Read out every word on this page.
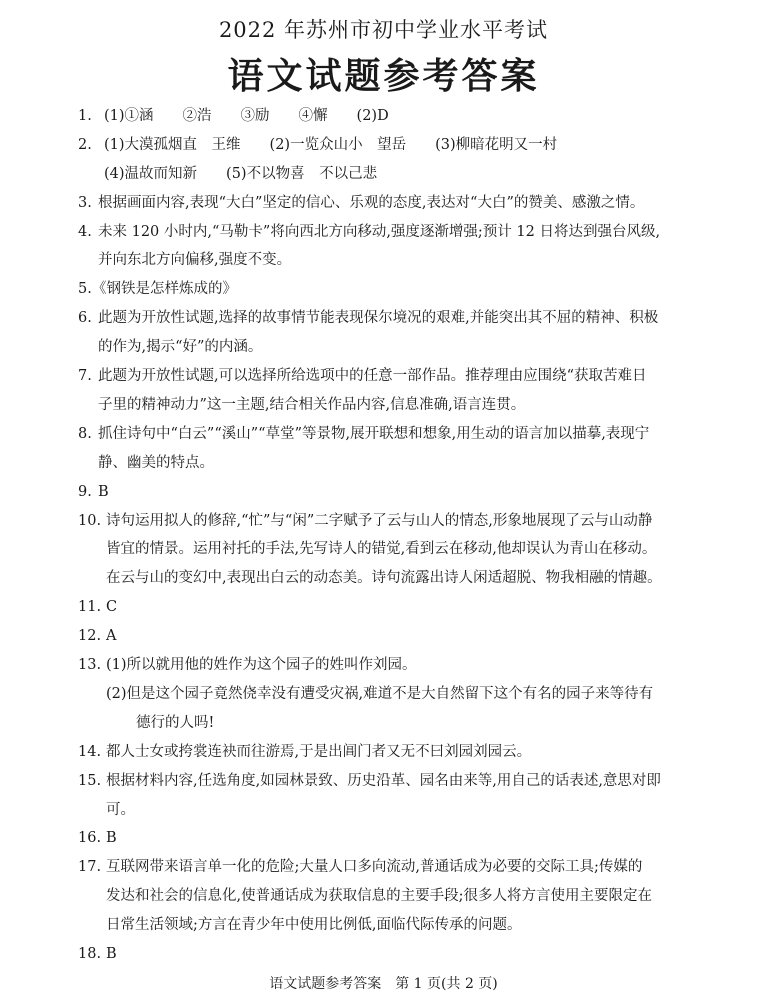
2022 年苏州市初中学业水平考试
语文试题参考答案
1. (1)①涵　　②浩　　③励　　④懈　　(2)D
2. (1)大漠孤烟直　王维　　(2)一览众山小　望岳　　(3)柳暗花明又一村
(4)温故而知新　　(5)不以物喜　不以己悲
3. 根据画面内容,表现“大白”坚定的信心、乐观的态度,表达对“大白”的赞美、感激之情。
4. 未来 120 小时内,“马勒卡”将向西北方向移动,强度逐渐增强;预计 12 日将达到强台风级,
并向东北方向偏移,强度不变。
5. 《钢铁是怎样炼成的》
6. 此题为开放性试题,选择的故事情节能表现保尔境况的艰难,并能突出其不屈的精神、积极
的作为,揭示“好”的内涵。
7. 此题为开放性试题,可以选择所给选项中的任意一部作品。推荐理由应围绕“获取苦难日
子里的精神动力”这一主题,结合相关作品内容,信息准确,语言连贯。
8. 抓住诗句中“白云”“溪山”“草堂”等景物,展开联想和想象,用生动的语言加以描摹,表现宁
静、幽美的特点。
9. B
10. 诗句运用拟人的修辞,“忙”与“闲”二字赋予了云与山人的情态,形象地展现了云与山动静
皆宜的情景。运用衬托的手法,先写诗人的错觉,看到云在移动,他却误认为青山在移动。
在云与山的变幻中,表现出白云的动态美。诗句流露出诗人闲适超脱、物我相融的情趣。
11. C
12. A
13. (1)所以就用他的姓作为这个园子的姓叫作刘园。
(2)但是这个园子竟然侥幸没有遭受灾祸,难道不是大自然留下这个有名的园子来等待有
德行的人吗!
14. 都人士女或挎裳连袂而往游焉,于是出阊门者又无不曰刘园刘园云。
15. 根据材料内容,任选角度,如园林景致、历史沿革、园名由来等,用自己的话表述,意思对即
可。
16. B
17. 互联网带来语言单一化的危险;大量人口多向流动,普通话成为必要的交际工具;传媒的
发达和社会的信息化,使普通话成为获取信息的主要手段;很多人将方言使用主要限定在
日常生活领域;方言在青少年中使用比例低,面临代际传承的问题。
语文试题参考答案　第 1 页(共 2 页)
18. B
